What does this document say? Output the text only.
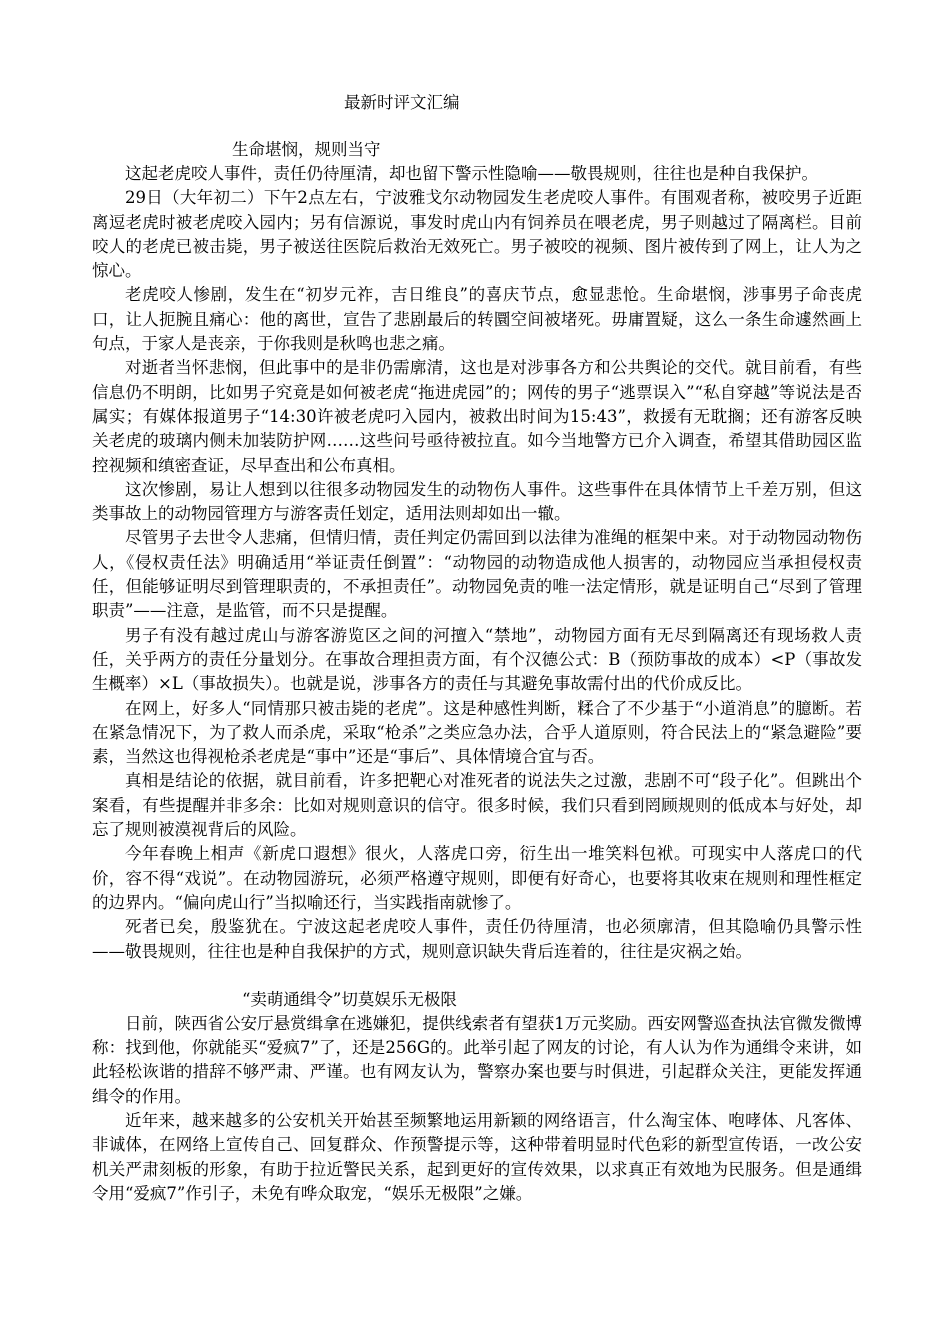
最新时评文汇编
生命堪悯，规则当守

这起老虎咬人事件，责任仍待厘清，却也留下警示性隐喻——敬畏规则，往往也是种自我保护。

29日（大年初二）下午2点左右，宁波雅戈尔动物园发生老虎咬人事件。有围观者称，被咬男子近距离逗老虎时被老虎咬入园内；另有信源说，事发时虎山内有饲养员在喂老虎，男子则越过了隔离栏。目前咬人的老虎已被击毙，男子被送往医院后救治无效死亡。男子被咬的视频、图片被传到了网上，让人为之惊心。

老虎咬人惨剧，发生在“初岁元祚，吉日维良”的喜庆节点，愈显悲怆。生命堪悯，涉事男子命丧虎口，让人扼腕且痛心：他的离世，宣告了悲剧最后的转圜空间被堵死。毋庸置疑，这么一条生命遽然画上句点，于家人是丧亲，于你我则是秋鸣也悲之痛。

对逝者当怀悲悯，但此事中的是非仍需廓清，这也是对涉事各方和公共舆论的交代。就目前看，有些信息仍不明朗，比如男子究竟是如何被老虎“拖进虎园”的；网传的男子“逃票误入”“私自穿越”等说法是否属实；有媒体报道男子“14:30许被老虎叼入园内，被救出时间为15:43”，救援有无耽搁；还有游客反映关老虎的玻璃内侧未加装防护网……这些问号亟待被拉直。如今当地警方已介入调查，希望其借助园区监控视频和缜密查证，尽早查出和公布真相。

这次惨剧，易让人想到以往很多动物园发生的动物伤人事件。这些事件在具体情节上千差万别，但这类事故上的动物园管理方与游客责任划定，适用法则却如出一辙。

尽管男子去世令人悲痛，但情归情，责任判定仍需回到以法律为准绳的框架中来。对于动物园动物伤人，《侵权责任法》明确适用“举证责任倒置”：“动物园的动物造成他人损害的，动物园应当承担侵权责任，但能够证明尽到管理职责的，不承担责任”。动物园免责的唯一法定情形，就是证明自己“尽到了管理职责”——注意，是监管，而不只是提醒。

男子有没有越过虎山与游客游览区之间的河擅入“禁地”，动物园方面有无尽到隔离还有现场救人责任，关乎两方的责任分量划分。在事故合理担责方面，有个汉德公式：B（预防事故的成本）<P（事故发生概率）×L（事故损失）。也就是说，涉事各方的责任与其避免事故需付出的代价成反比。

在网上，好多人“同情那只被击毙的老虎”。这是种感性判断，糅合了不少基于“小道消息”的臆断。若在紧急情况下，为了救人而杀虎，采取“枪杀”之类应急办法，合乎人道原则，符合民法上的“紧急避险”要素，当然这也得视枪杀老虎是“事中”还是“事后”、具体情境合宜与否。

真相是结论的依据，就目前看，许多把靶心对准死者的说法失之过激，悲剧不可“段子化”。但跳出个案看，有些提醒并非多余：比如对规则意识的信守。很多时候，我们只看到罔顾规则的低成本与好处，却忘了规则被漠视背后的风险。

今年春晚上相声《新虎口遐想》很火，人落虎口旁，衍生出一堆笑料包袱。可现实中人落虎口的代价，容不得“戏说”。在动物园游玩，必须严格遵守规则，即便有好奇心，也要将其收束在规则和理性框定的边界内。“偏向虎山行”当拟喻还行，当实践指南就惨了。

死者已矣，殷鉴犹在。宁波这起老虎咬人事件，责任仍待厘清，也必须廓清，但其隐喻仍具警示性——敬畏规则，往往也是种自我保护的方式，规则意识缺失背后连着的，往往是灾祸之始。

“卖萌通缉令”切莫娱乐无极限

日前，陕西省公安厅悬赏缉拿在逃嫌犯，提供线索者有望获1万元奖励。西安网警巡查执法官微发微博称：找到他，你就能买“爱疯7”了，还是256G的。此举引起了网友的讨论，有人认为作为通缉令来讲，如此轻松诙谐的措辞不够严肃、严谨。也有网友认为，警察办案也要与时俱进，引起群众关注，更能发挥通缉令的作用。

近年来，越来越多的公安机关开始甚至频繁地运用新颖的网络语言，什么淘宝体、咆哮体、凡客体、非诚体，在网络上宣传自己、回复群众、作预警提示等，这种带着明显时代色彩的新型宣传语，一改公安机关严肃刻板的形象，有助于拉近警民关系，起到更好的宣传效果，以求真正有效地为民服务。但是通缉令用“爱疯7”作引子，未免有哗众取宠，“娱乐无极限”之嫌。
